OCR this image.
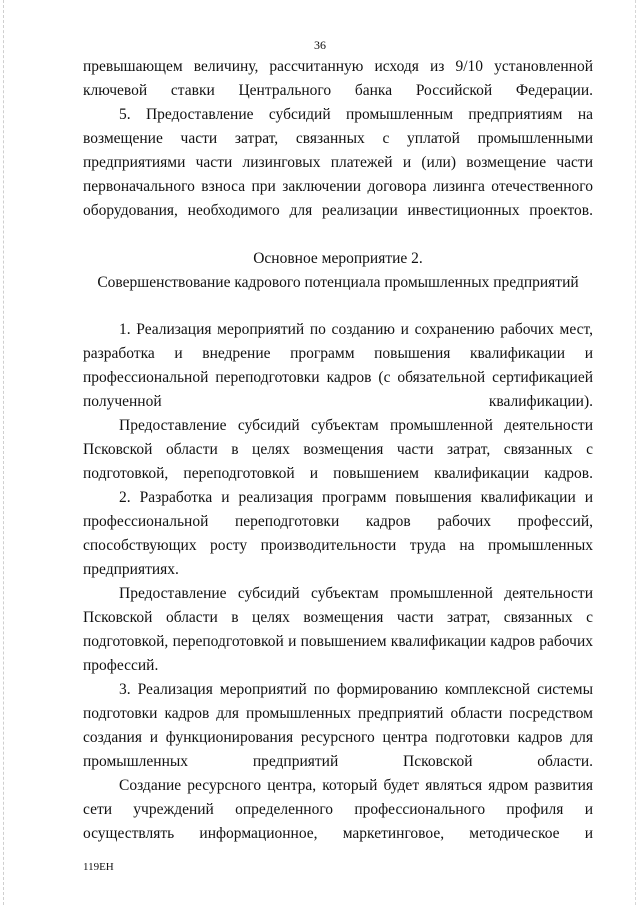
36

превышающем величину, рассчитанную исходя из 9/10 установленной ключевой ставки Центрального банка Российской Федерации.

5. Предоставление субсидий промышленным предприятиям на возмещение части затрат, связанных с уплатой промышленными предприятиями части лизинговых платежей и (или) возмещение части первоначального взноса при заключении договора лизинга отечественного оборудования, необходимого для реализации инвестиционных проектов.

Основное мероприятие 2.

Совершенствование кадрового потенциала промышленных предприятий

1. Реализация мероприятий по созданию и сохранению рабочих мест, разработка и внедрение программ повышения квалификации и профессиональной переподготовки кадров (с обязательной сертификацией полученной квалификации).

Предоставление субсидий субъектам промышленной деятельности Псковской области в целях возмещения части затрат, связанных с подготовкой, переподготовкой и повышением квалификации кадров.

2. Разработка и реализация программ повышения квалификации и профессиональной переподготовки кадров рабочих профессий, способствующих росту производительности труда на промышленных предприятиях.

Предоставление субсидий субъектам промышленной деятельности Псковской области в целях возмещения части затрат, связанных с подготовкой, переподготовкой и повышением квалификации кадров рабочих профессий.

3. Реализация мероприятий по формированию комплексной системы подготовки кадров для промышленных предприятий области посредством создания и функционирования ресурсного центра подготовки кадров для промышленных предприятий Псковской области.

Создание ресурсного центра, который будет являться ядром развития сети учреждений определенного профессионального профиля и осуществлять информационное, маркетинговое, методическое и

119ЕН
